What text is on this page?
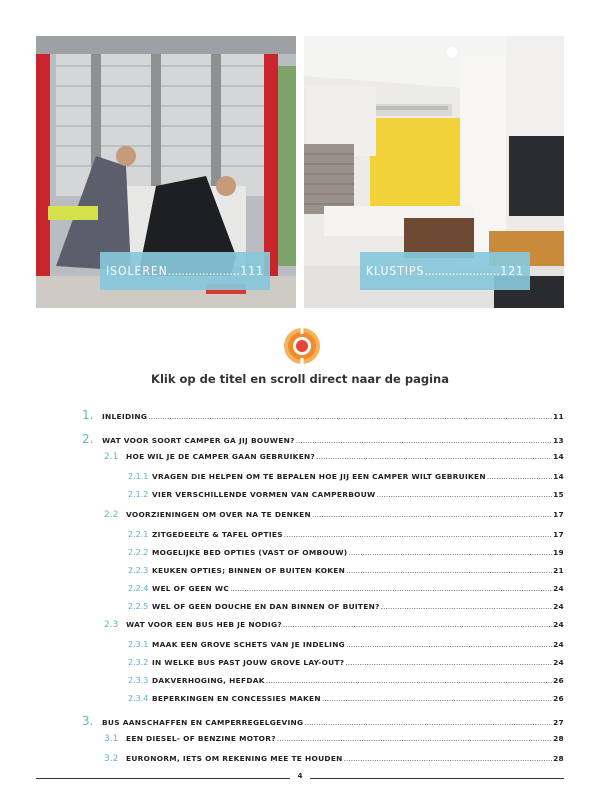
ISOLEREN .....	111	KLUSTIPS .....	121
Klik op de titel en scroll direct naar de pagina
1.	INLEIDING .....	11
2.	WAT VOOR SOORT CAMPER GA JIJ BOUWEN? .....	13
2.1	HOE WIL JE DE CAMPER GAAN GEBRUIKEN? .....	14
2.1.1 VRAGEN DIE HELPEN OM TE BEPALEN HOE JIJ EEN CAMPER WILT GEBRUIKEN .....	14
2.1.2 VIER VERSCHILLENDE VORMEN VAN CAMPERBOUW .....	15
2.2	VOORZIENINGEN OM OVER NA TE DENKEN .....	17
2.2.1 ZITGEDEELTE & TAFEL OPTIES .....	17
2.2.2 MOGELIJKE BED OPTIES (VAST OF OMBOUW) .....	19
2.2.3 KEUKEN OPTIES; BINNEN OF BUITEN KOKEN .....	21
2.2.4 WEL OF GEEN WC .....	24
2.2.5 WEL OF GEEN DOUCHE EN DAN BINNEN OF BUITEN? .....	24
2.3	WAT VOOR EEN BUS HEB JE NODIG? .....	24
2.3.1 MAAK EEN GROVE SCHETS VAN JE INDELING .....	24
2.3.2 IN WELKE BUS PAST JOUW GROVE LAY-OUT? .....	24
2.3.3 DAKVERHOGING, HEFDAK .....	26
2.3.4 BEPERKINGEN EN CONCESSIES MAKEN .....	26
3.	BUS AANSCHAFFEN EN CAMPERREGELGEVING .....	27
3.1	EEN DIESEL- OF BENZINE MOTOR? .....	28
3.2	EURONORM, IETS OM REKENING MEE TE HOUDEN .....	28
4
